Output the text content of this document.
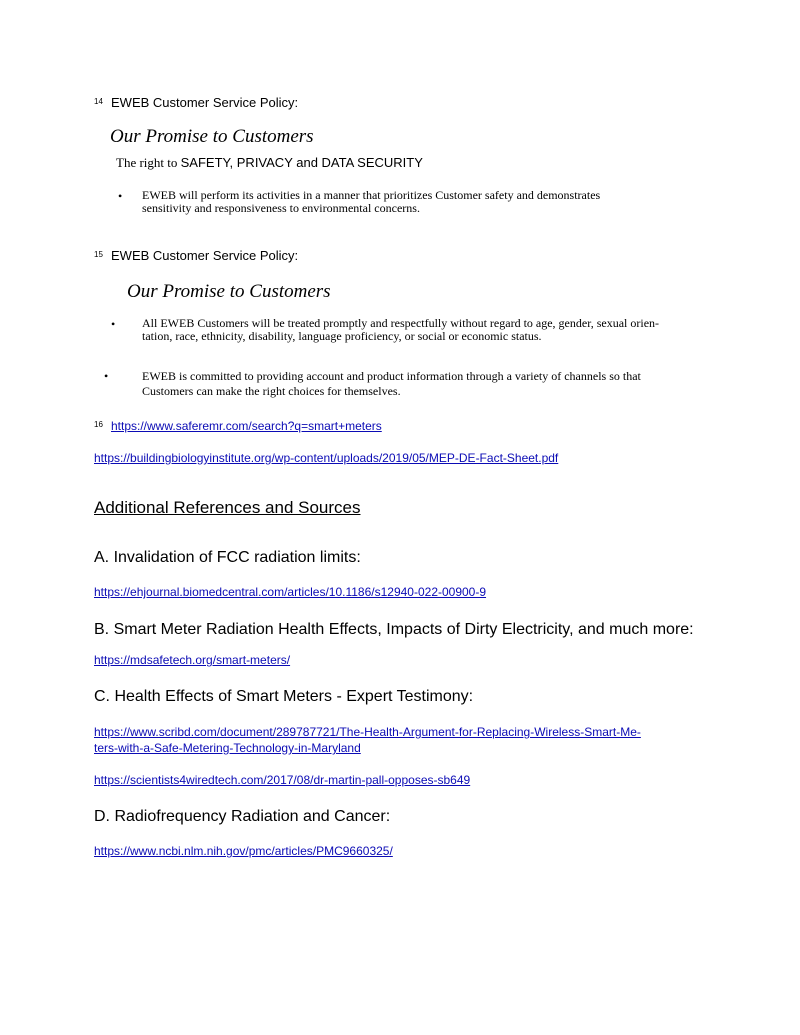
14 EWEB Customer Service Policy:
Our Promise to Customers
The right to SAFETY, PRIVACY and DATA SECURITY
• EWEB will perform its activities in a manner that prioritizes Customer safety and demonstrates
sensitivity and responsiveness to environmental concerns.
15 EWEB Customer Service Policy:
Our Promise to Customers
• All EWEB Customers will be treated promptly and respectfully without regard to age, gender, sexual orien-
tation, race, ethnicity, disability, language proficiency, or social or economic status.
•	EWEB is committed to providing account and product information through a variety of channels so that
Customers can make the right choices for themselves.
16 https://www.saferemr.com/search?q=smart+meters
https://buildingbiologyinstitute.org/wp-content/uploads/2019/05/MEP-DE-Fact-Sheet.pdf
Additional References and Sources
A. Invalidation of FCC radiation limits:
https://ehjournal.biomedcentral.com/articles/10.1186/s12940-022-00900-9
B. Smart Meter Radiation Health Effects, Impacts of Dirty Electricity, and much more:
https://mdsafetech.org/smart-meters/
C. Health Effects of Smart Meters - Expert Testimony:
https://www.scribd.com/document/289787721/The-Health-Argument-for-Replacing-Wireless-Smart-Me-
ters-with-a-Safe-Metering-Technology-in-Maryland
https://scientists4wiredtech.com/2017/08/dr-martin-pall-opposes-sb649
D. Radiofrequency Radiation and Cancer:
https://www.ncbi.nlm.nih.gov/pmc/articles/PMC9660325/
